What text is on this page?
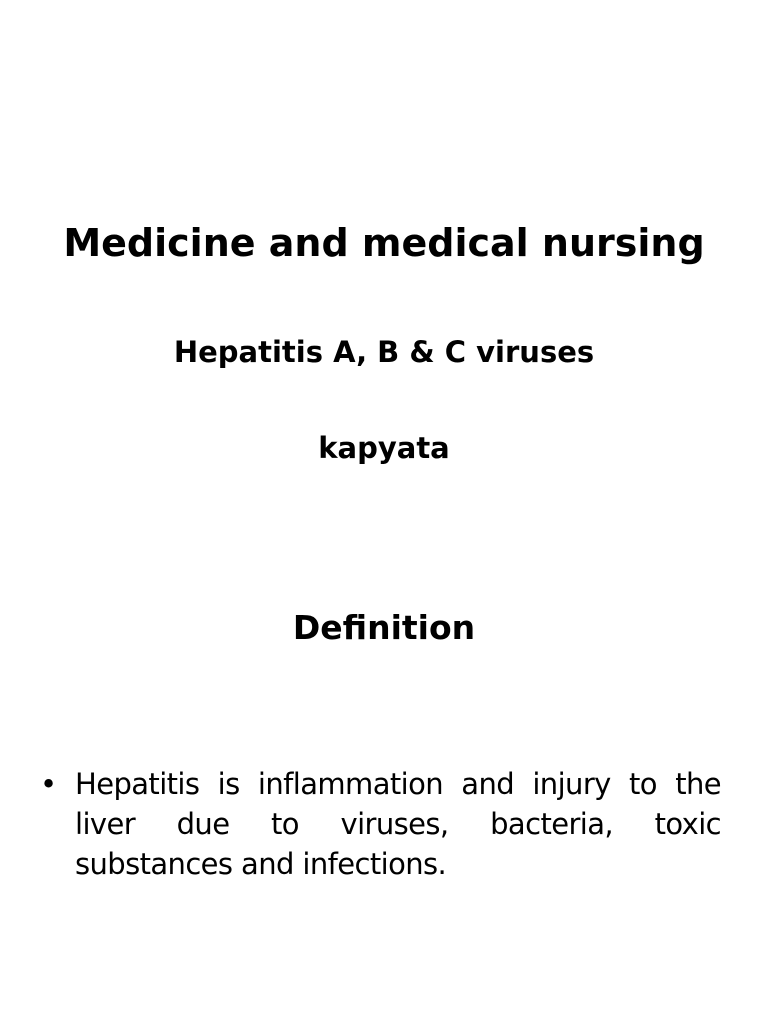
Medicine and medical nursing
Hepatitis A, B & C viruses
kapyata
Definition
• Hepatitis is inflammation and injury to the liver due to viruses, bacteria, toxic substances and infections.
